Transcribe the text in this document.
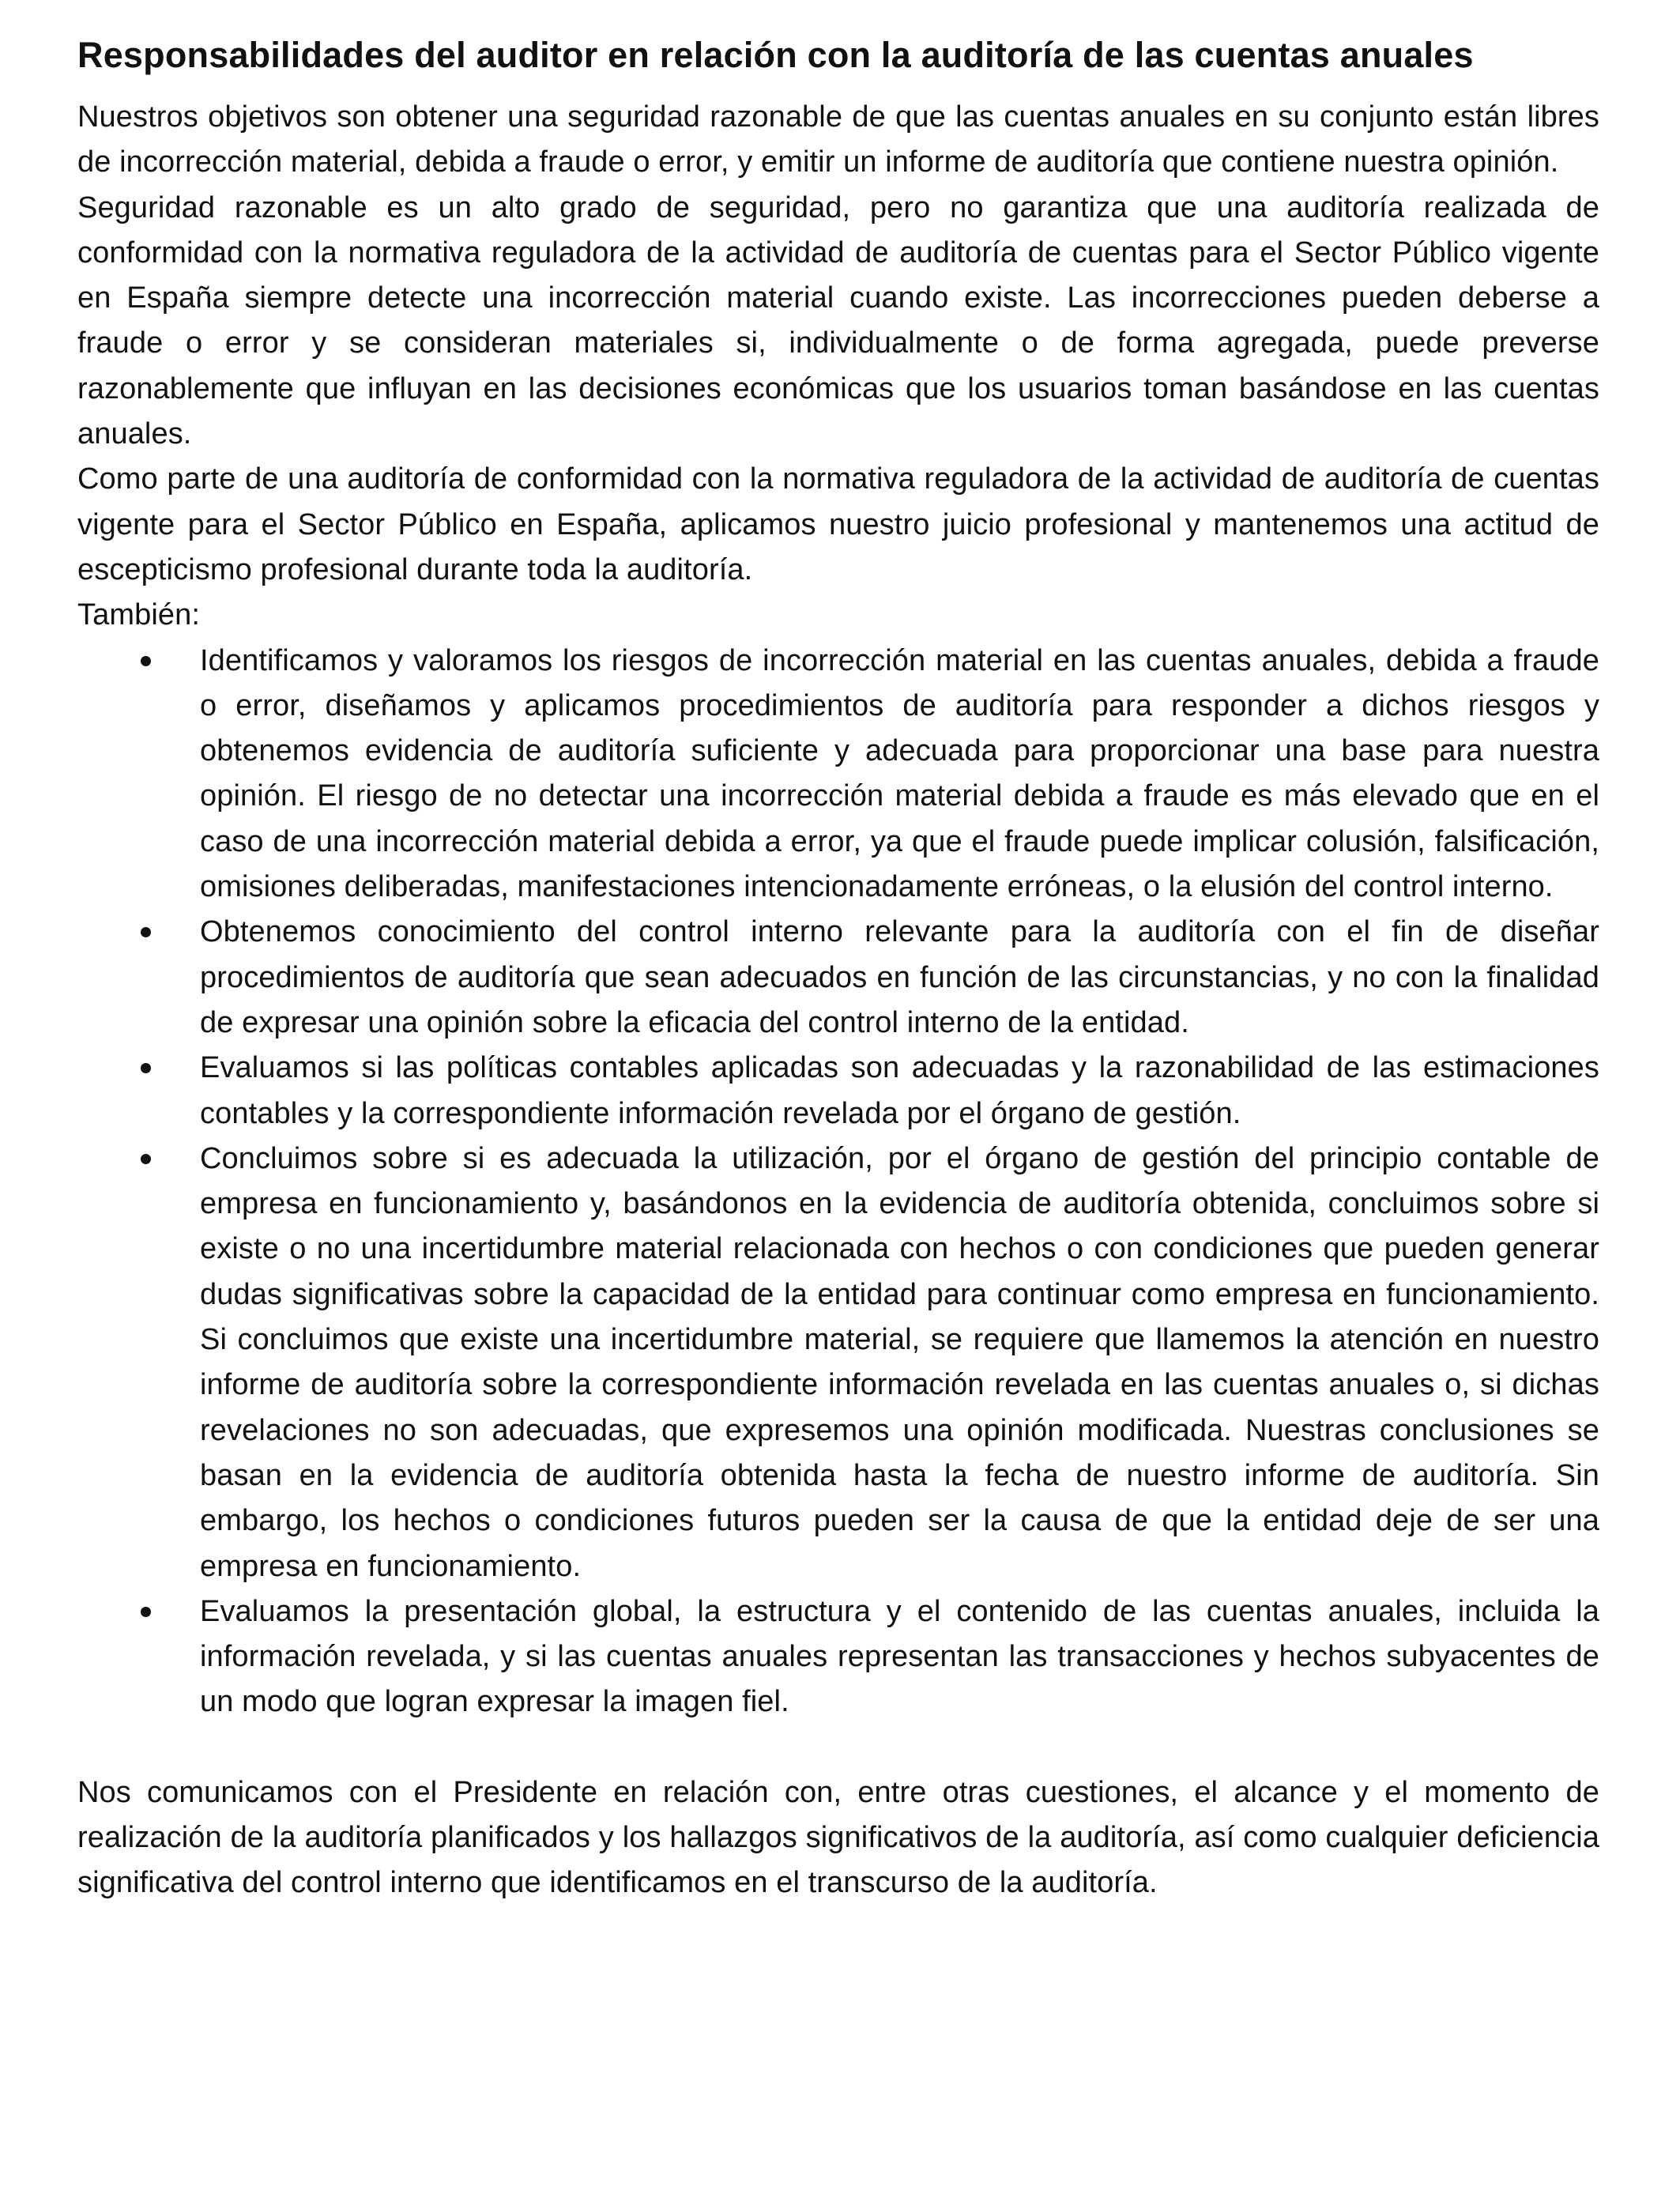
Responsabilidades del auditor en relación con la auditoría de las cuentas anuales

Nuestros objetivos son obtener una seguridad razonable de que las cuentas anuales en su conjunto están libres de incorrección material, debida a fraude o error, y emitir un informe de auditoría que contiene nuestra opinión.

Seguridad razonable es un alto grado de seguridad, pero no garantiza que una auditoría realizada de conformidad con la normativa reguladora de la actividad de auditoría de cuentas para el Sector Público vigente en España siempre detecte una incorrección material cuando existe. Las incorrecciones pueden deberse a fraude o error y se consideran materiales si, individualmente o de forma agregada, puede preverse razonablemente que influyan en las decisiones económicas que los usuarios toman basándose en las cuentas anuales.

Como parte de una auditoría de conformidad con la normativa reguladora de la actividad de auditoría de cuentas vigente para el Sector Público en España, aplicamos nuestro juicio profesional y mantenemos una actitud de escepticismo profesional durante toda la auditoría.

También:

Identificamos y valoramos los riesgos de incorrección material en las cuentas anuales, debida a fraude o error, diseñamos y aplicamos procedimientos de auditoría para responder a dichos riesgos y obtenemos evidencia de auditoría suficiente y adecuada para proporcionar una base para nuestra opinión. El riesgo de no detectar una incorrección material debida a fraude es más elevado que en el caso de una incorrección material debida a error, ya que el fraude puede implicar colusión, falsificación, omisiones deliberadas, manifestaciones intencionadamente erróneas, o la elusión del control interno.
Obtenemos conocimiento del control interno relevante para la auditoría con el fin de diseñar procedimientos de auditoría que sean adecuados en función de las circunstancias, y no con la finalidad de expresar una opinión sobre la eficacia del control interno de la entidad.
Evaluamos si las políticas contables aplicadas son adecuadas y la razonabilidad de las estimaciones contables y la correspondiente información revelada por el órgano de gestión.
Concluimos sobre si es adecuada la utilización, por el órgano de gestión del principio contable de empresa en funcionamiento y, basándonos en la evidencia de auditoría obtenida, concluimos sobre si existe o no una incertidumbre material relacionada con hechos o con condiciones que pueden generar dudas significativas sobre la capacidad de la entidad para continuar como empresa en funcionamiento. Si concluimos que existe una incertidumbre material, se requiere que llamemos la atención en nuestro informe de auditoría sobre la correspondiente información revelada en las cuentas anuales o, si dichas revelaciones no son adecuadas, que expresemos una opinión modificada. Nuestras conclusiones se basan en la evidencia de auditoría obtenida hasta la fecha de nuestro informe de auditoría. Sin embargo, los hechos o condiciones futuros pueden ser la causa de que la entidad deje de ser una empresa en funcionamiento.
Evaluamos la presentación global, la estructura y el contenido de las cuentas anuales, incluida la información revelada, y si las cuentas anuales representan las transacciones y hechos subyacentes de un modo que logran expresar la imagen fiel.

Nos comunicamos con el Presidente en relación con, entre otras cuestiones, el alcance y el momento de realización de la auditoría planificados y los hallazgos significativos de la auditoría, así como cualquier deficiencia significativa del control interno que identificamos en el transcurso de la auditoría.
